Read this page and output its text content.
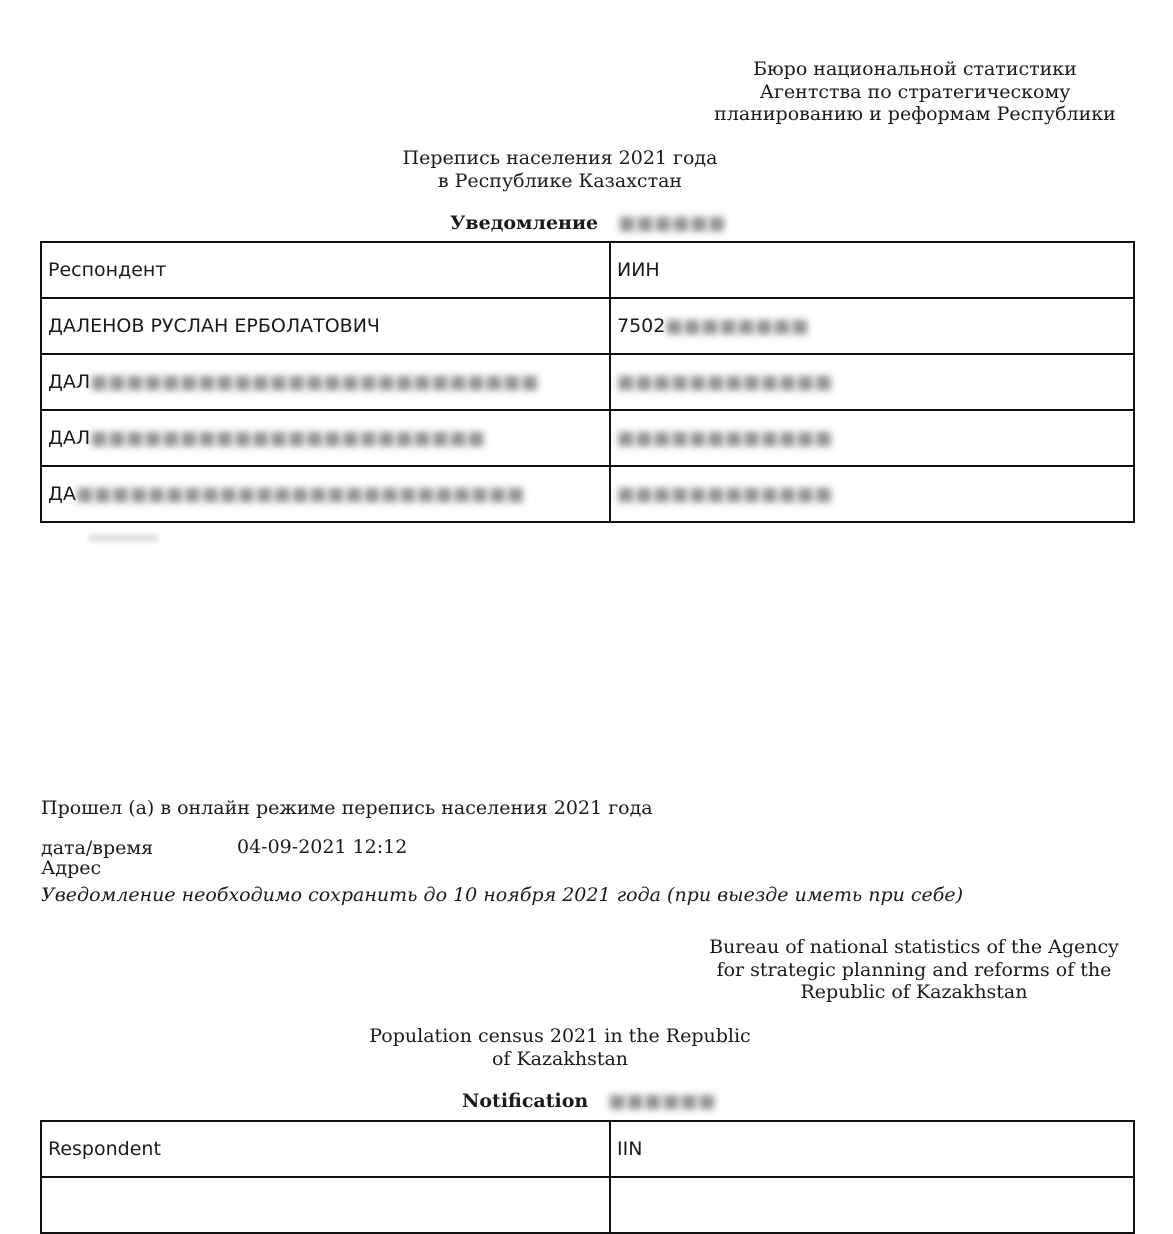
Бюро национальной статистики
Агентства по стратегическому
планированию и реформам Республики
Перепись населения 2021 года
в Республике Казахстан
Уведомление ■■■■■■
Респондент	ИИН
ДАЛЕНОВ РУСЛАН ЕРБОЛАТОВИЧ	7502■■■■■■■■
ДАЛ■■■■■■■■■■■■■■■■■■■■■■■■■	■■■■■■■■■■■■
ДАЛ■■■■■■■■■■■■■■■■■■■■■■	■■■■■■■■■■■■
ДА■■■■■■■■■■■■■■■■■■■■■■■■■	■■■■■■■■■■■■
Прошел (а) в онлайн режиме перепись населения 2021 года
дата/время	04-09-2021 12:12
Адрес
Уведомление необходимо сохранить до 10 ноября 2021 года (при выезде иметь при себе)
Bureau of national statistics of the Agency
for strategic planning and reforms of the
Republic of Kazakhstan
Population census 2021 in the Republic
of Kazakhstan
Notification ■■■■■■
Respondent	IIN
